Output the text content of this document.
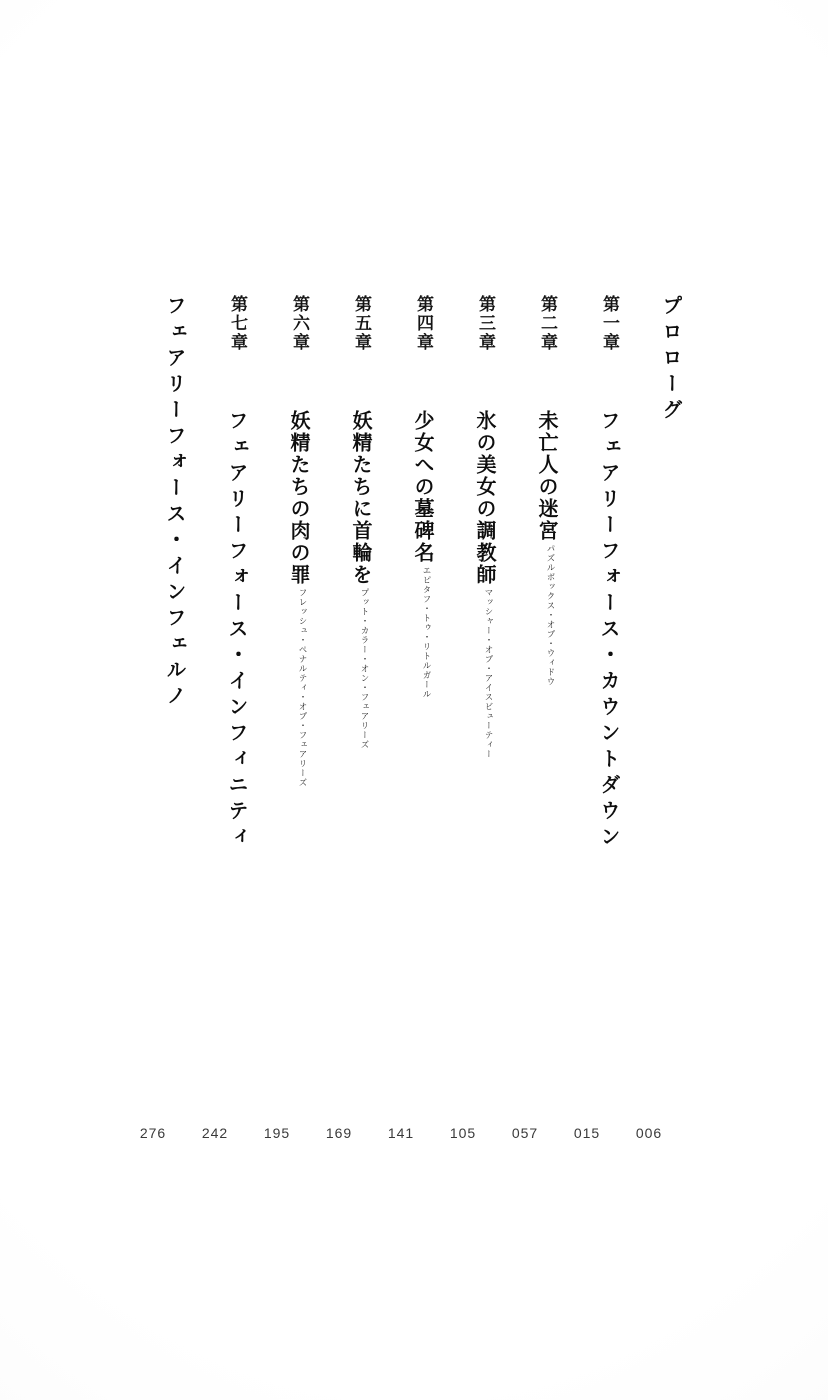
プロローグ
第一章
フェアリーフォース・カウントダウン
第二章
未亡人の迷宮
パズルボックス・オブ・ウィドウ
第三章
氷の美女の調教師
マッシャー・オブ・アイスビューティー
第四章
少女への墓碑名
エピタフ・トゥ・リトルガール
第五章
妖精たちに首輪を
プット・カラー・オン・フェアリーズ
第六章
妖精たちの肉の罪
フレッシュ・ペナルティ・オブ・フェアリーズ
第七章
フェアリーフォース・インフィニティ
フェアリーフォース・インフェルノ
006
015
057
105
141
169
195
242
276
